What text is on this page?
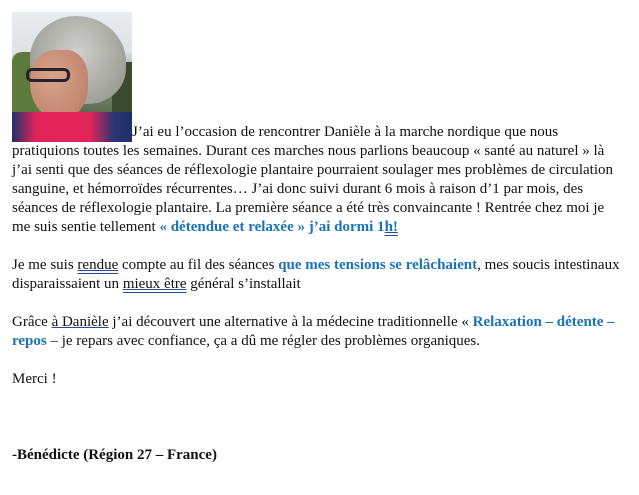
J’ai eu l’occasion de rencontrer Danièle à la marche nordique que nous pratiquions toutes les semaines. Durant ces marches nous parlions beaucoup « santé au naturel » là j’ai senti que des séances de réflexologie plantaire pourraient soulager mes problèmes de circulation sanguine, et hémorroïdes récurrentes… J’ai donc suivi durant 6 mois à raison d’1 par mois, des séances de réflexologie plantaire. La première séance a été très convaincante ! Rentrée chez moi je me suis sentie tellement « détendue et relaxée » j’ai dormi 1h!

Je me suis rendue compte au fil des séances que mes tensions se relâchaient, mes soucis intestinaux disparaissaient un mieux être général s’installait

Grâce à Danièle j’ai découvert une alternative à la médecine traditionnelle « Relaxation – détente – repos – je repars avec confiance, ça a dû me régler des problèmes organiques.

Merci !

-Bénédicte (Région 27 – France)
